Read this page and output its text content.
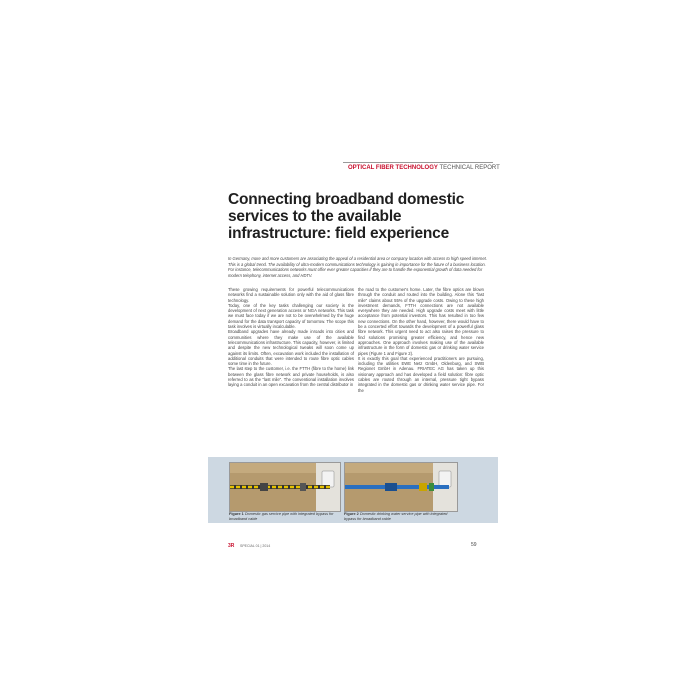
OPTICAL FIBER TECHNOLOGY TECHNICAL REPORT
Connecting broadband domestic services to the available infrastructure: field experience
In Germany, more and more customers are associating the appeal of a residential area or company location with access to high speed internet. This is a global trend. The availability of ultra-modern communications technology is gaining in importance for the future of a business location. For instance, telecommunications networks must offer ever greater capacities if they are to handle the exponential growth of data needed for modern telephony, internet access, and HDTV.

These growing requirements for powerful telecommunications networks find a sustainable solution only with the aid of glass fibre technology.

Today, one of the key tasks challenging our society is the development of next generation access or NGA networks. This task we must face today if we are not to be overwhelmed by the huge demand for the data transport capacity of tomorrow. The scope this task involves is virtually incalculable.

Broadband upgrades have already made inroads into cities and communities where they make use of the available telecommunications infrastructure. This capacity, however, is limited and despite the new technological tweaks will soon come up against its limits. Often, excavation work included the installation of additional conduits that were intended to route fibre optic cables some time in the future.

The last step to the customer, i.e. the FTTH (fibre to the home) link between the glass fibre network and private households, is also referred to as the "last mile". The conventional installation involves laying a conduit in an open excavation from the central distributor in

the road to the customer's home. Later, the fibre optics are blown through the conduit and routed into the building. Alone this "last mile" claims about 55% of the upgrade costs. Owing to these high investment demands, FTTH connections are not available everywhere they are needed. High upgrade costs meet with little acceptance from potential investors. This has resulted in too few new connections. On the other hand, however, there would have to be a concerted effort towards the development of a powerful glass fibre network. This urgent need to act also raises the pressure to find solutions promising greater efficiency, and hence new approaches. One approach involves making use of the available infrastructure in the form of domestic gas or drinking water service pipes (Figure 1 and Figure 2).

It is exactly this goal that experienced practitioners are pursuing, including the utilities EWE Netz GmbH, Oldenburg, and SWB Regionet GmbH in Adenau. FRIATEC AG has taken up this visionary approach and has developed a field solution: fibre optic cables are routed through an internal, pressure tight bypass integrated in the domestic gas or drinking water service pipe. For the

Figure 1 Domestic gas service pipe with integrated bypass for broadband cable
Figure 2 Domestic drinking water service pipe with integrated bypass for broadband cable
3R SPECIAL 01 | 2014	59
